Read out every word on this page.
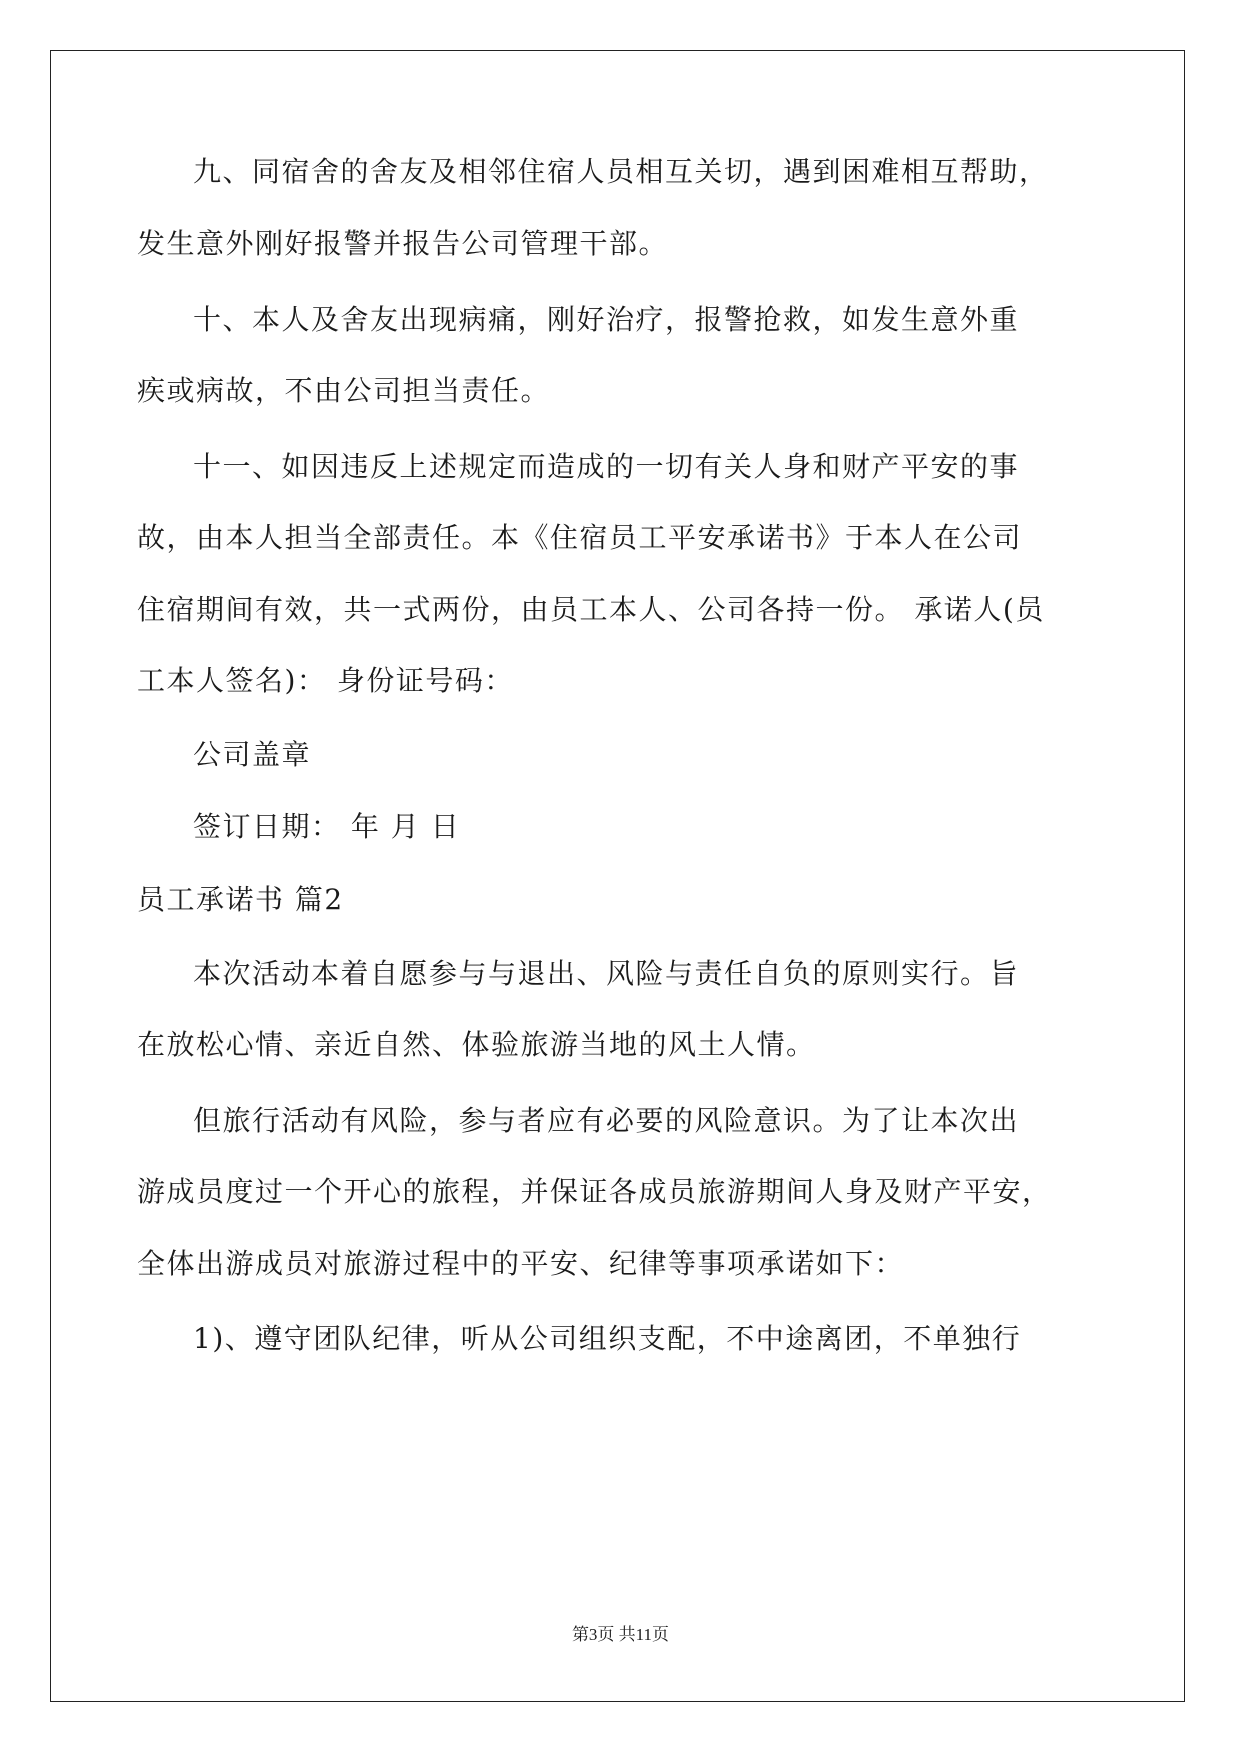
九、同宿舍的舍友及相邻住宿人员相互关切，遇到困难相互帮助，
发生意外刚好报警并报告公司管理干部。
十、本人及舍友出现病痛，刚好治疗，报警抢救，如发生意外重
疾或病故，不由公司担当责任。
十一、如因违反上述规定而造成的一切有关人身和财产平安的事
故，由本人担当全部责任。本《住宿员工平安承诺书》于本人在公司
住宿期间有效，共一式两份，由员工本人、公司各持一份。 承诺人(员
工本人签名)： 身份证号码：
公司盖章
签订日期： 年 月 日
员工承诺书 篇2
本次活动本着自愿参与与退出、风险与责任自负的原则实行。旨
在放松心情、亲近自然、体验旅游当地的风土人情。
但旅行活动有风险，参与者应有必要的风险意识。为了让本次出
游成员度过一个开心的旅程，并保证各成员旅游期间人身及财产平安，
全体出游成员对旅游过程中的平安、纪律等事项承诺如下：
1)、遵守团队纪律，听从公司组织支配，不中途离团，不单独行
第3页 共11页
